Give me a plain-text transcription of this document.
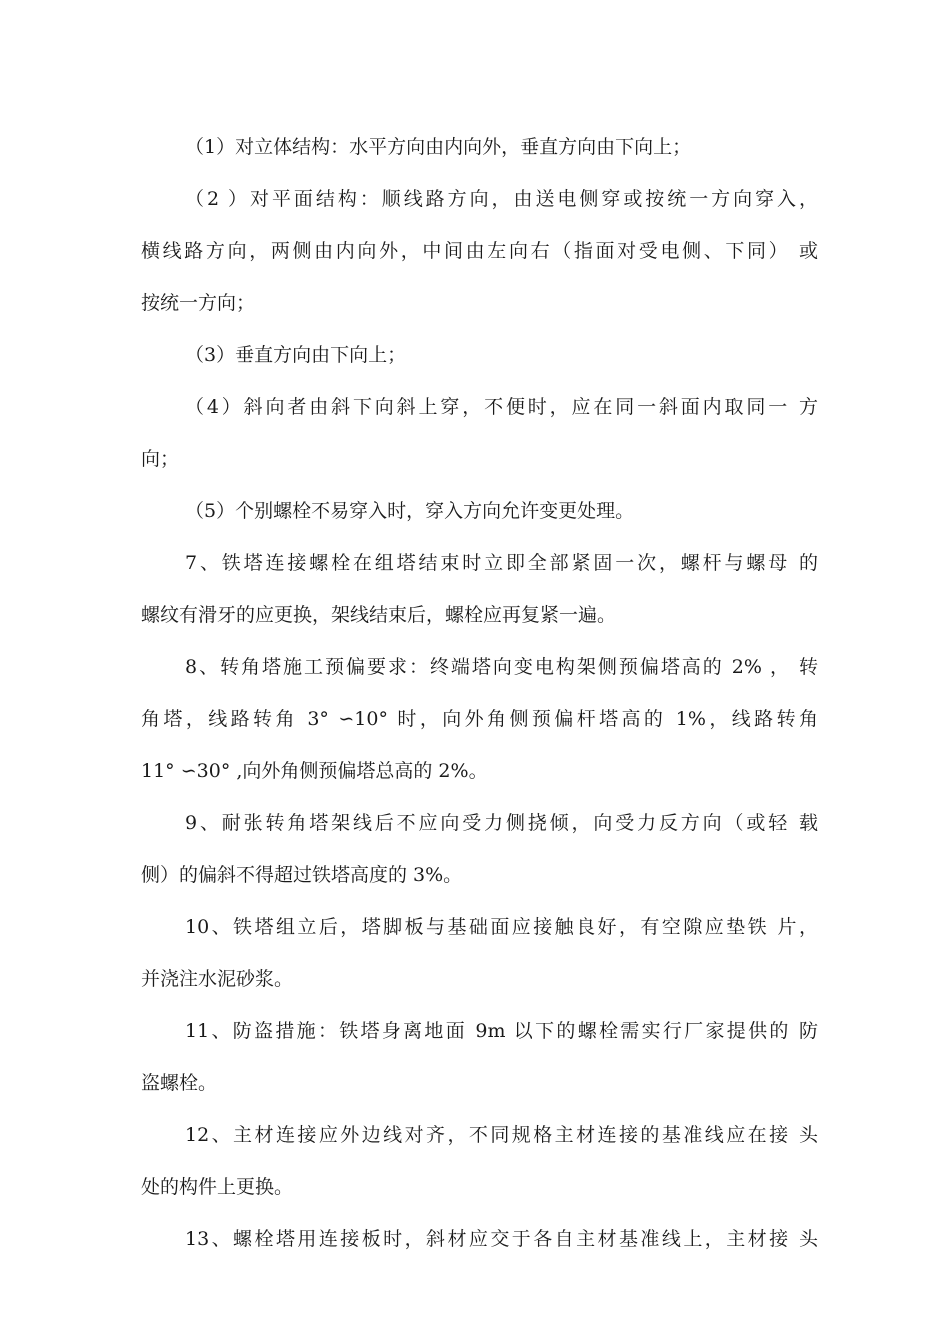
（1）对立体结构：水平方向由内向外，垂直方向由下向上；
（2 ）对平面结构：顺线路方向，由送电侧穿或按统一方向穿入，
横线路方向，两侧由内向外，中间由左向右（指面对受电侧、下同） 或
按统一方向；
（3）垂直方向由下向上；
（4）斜向者由斜下向斜上穿，不便时，应在同一斜面内取同一 方
向；
（5）个别螺栓不易穿入时，穿入方向允许变更处理。
7、铁塔连接螺栓在组塔结束时立即全部紧固一次，螺杆与螺母 的
螺纹有滑牙的应更换，架线结束后，螺栓应再复紧一遍。
8、转角塔施工预偏要求：终端塔向变电构架侧预偏塔高的 2% ， 转
角塔，线路转角 3° ∽10° 时，向外角侧预偏杆塔高的 1%，线路转角
11° ∽30° ,向外角侧预偏塔总高的 2%。
9、耐张转角塔架线后不应向受力侧挠倾，向受力反方向（或轻 载
侧）的偏斜不得超过铁塔高度的 3%。
10、铁塔组立后，塔脚板与基础面应接触良好，有空隙应垫铁 片，
并浇注水泥砂浆。
11、防盗措施：铁塔身离地面 9m 以下的螺栓需实行厂家提供的 防
盗螺栓。
12、主材连接应外边线对齐，不同规格主材连接的基准线应在接 头
处的构件上更换。
13、螺栓塔用连接板时，斜材应交于各自主材基准线上，主材接 头
